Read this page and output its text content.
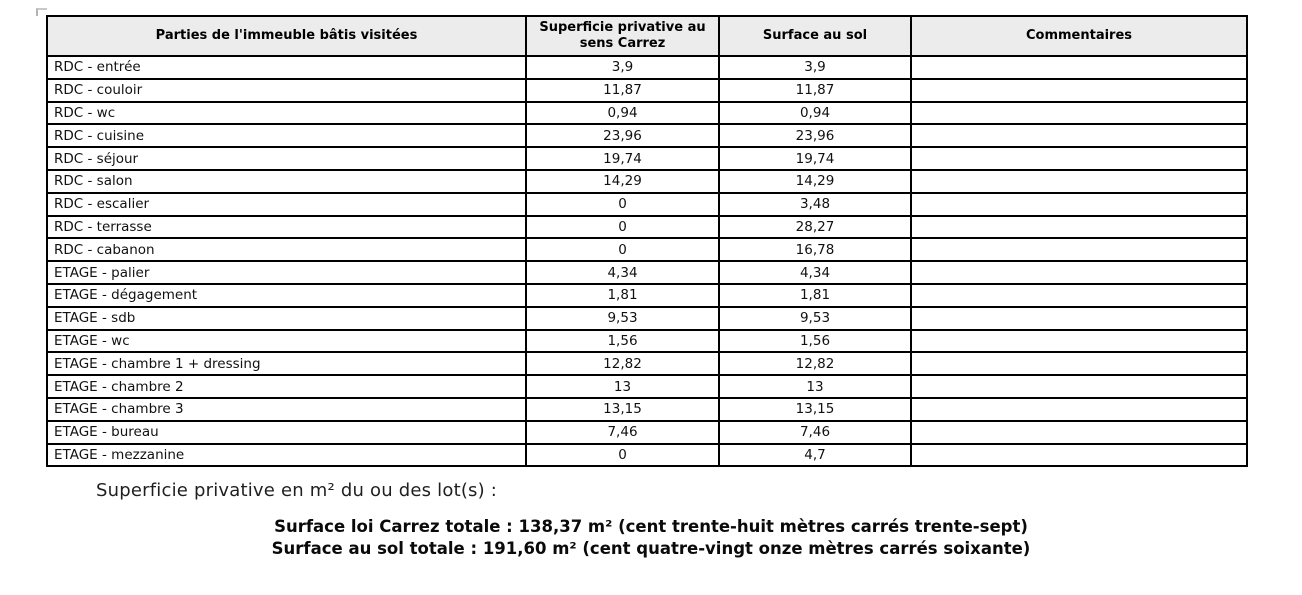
Parties de l'immeuble bâtis visitées	Superficie privative au sens Carrez	Surface au sol	Commentaires
RDC - entrée	3,9	3,9	
RDC - couloir	11,87	11,87	
RDC - wc	0,94	0,94	
RDC - cuisine	23,96	23,96	
RDC - séjour	19,74	19,74	
RDC - salon	14,29	14,29	
RDC - escalier	0	3,48	
RDC - terrasse	0	28,27	
RDC - cabanon	0	16,78	
ETAGE - palier	4,34	4,34	
ETAGE - dégagement	1,81	1,81	
ETAGE - sdb	9,53	9,53	
ETAGE - wc	1,56	1,56	
ETAGE - chambre 1 + dressing	12,82	12,82	
ETAGE - chambre 2	13	13	
ETAGE - chambre 3	13,15	13,15	
ETAGE - bureau	7,46	7,46	
ETAGE - mezzanine	0	4,7	
Superficie privative en m² du ou des lot(s) :
Surface loi Carrez totale : 138,37 m² (cent trente-huit mètres carrés trente-sept)
Surface au sol totale : 191,60 m² (cent quatre-vingt onze mètres carrés soixante)
